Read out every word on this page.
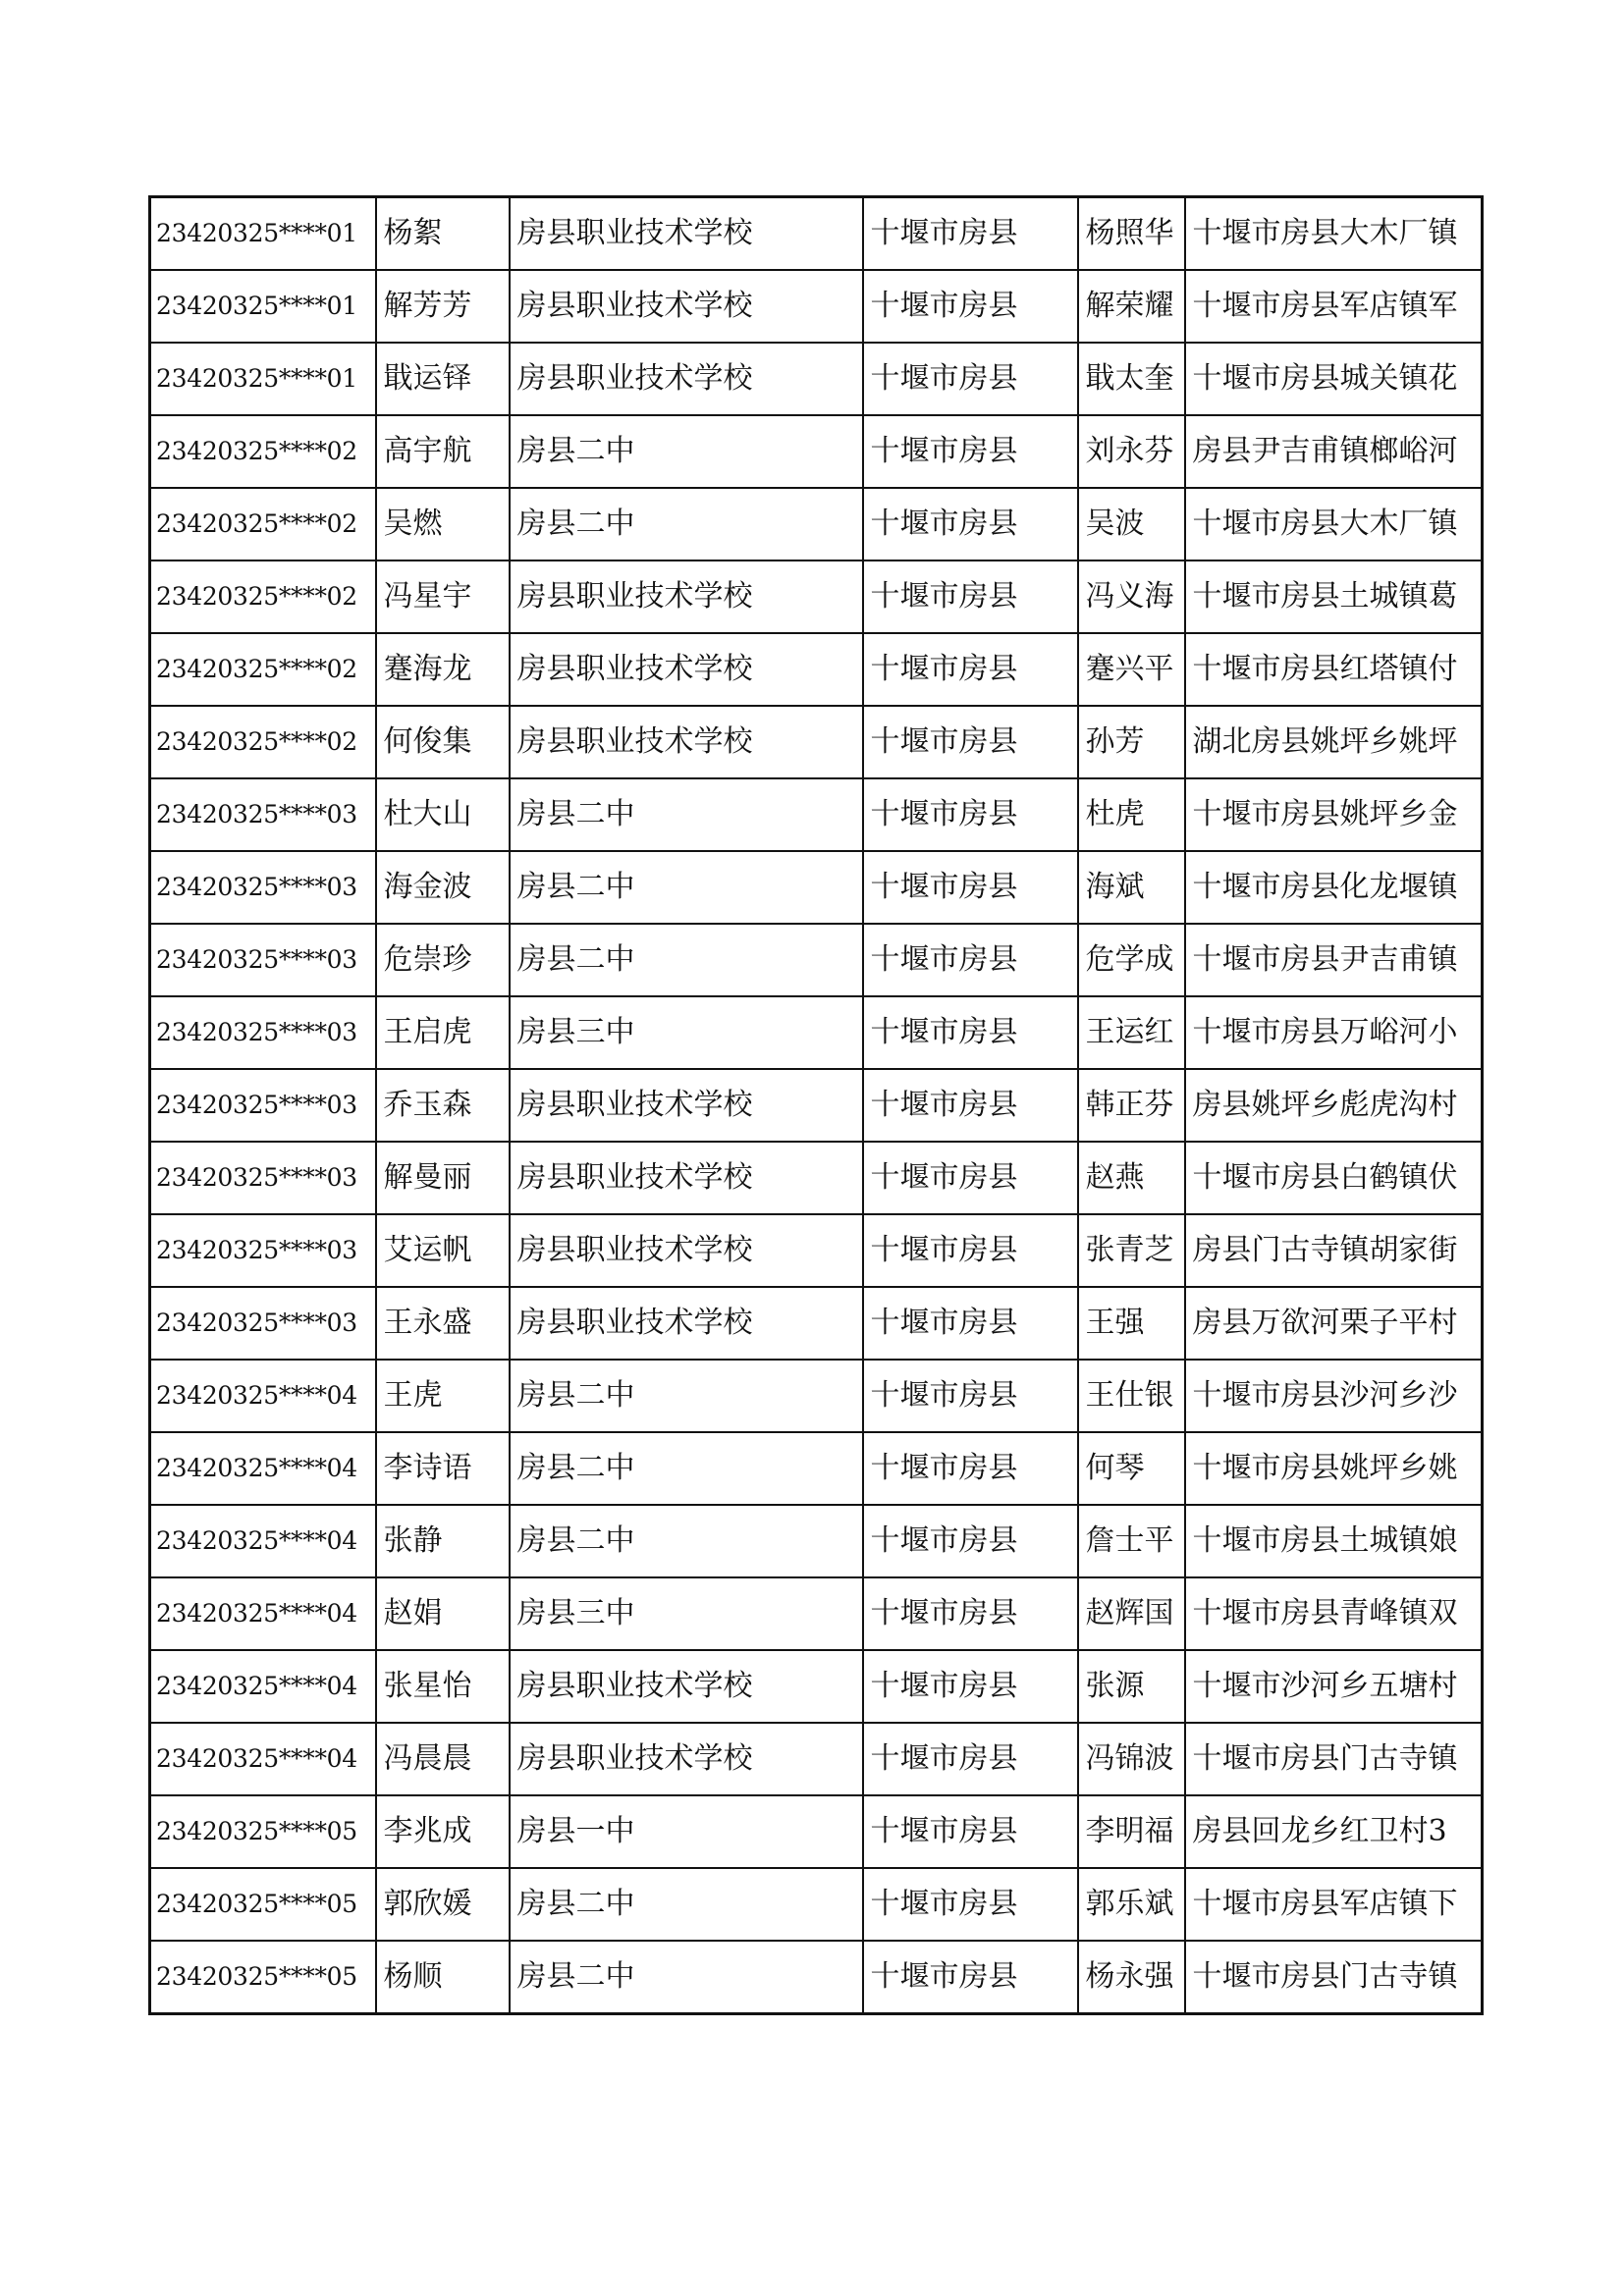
23420325****01	杨絮	房县职业技术学校	十堰市房县	杨照华	十堰市房县大木厂镇
23420325****01	解芳芳	房县职业技术学校	十堰市房县	解荣耀	十堰市房县军店镇军
23420325****01	戢运铎	房县职业技术学校	十堰市房县	戢太奎	十堰市房县城关镇花
23420325****02	高宇航	房县二中	十堰市房县	刘永芬	房县尹吉甫镇榔峪河
23420325****02	吴燃	房县二中	十堰市房县	吴波	十堰市房县大木厂镇
23420325****02	冯星宇	房县职业技术学校	十堰市房县	冯义海	十堰市房县土城镇葛
23420325****02	蹇海龙	房县职业技术学校	十堰市房县	蹇兴平	十堰市房县红塔镇付
23420325****02	何俊集	房县职业技术学校	十堰市房县	孙芳	湖北房县姚坪乡姚坪
23420325****03	杜大山	房县二中	十堰市房县	杜虎	十堰市房县姚坪乡金
23420325****03	海金波	房县二中	十堰市房县	海斌	十堰市房县化龙堰镇
23420325****03	危崇珍	房县二中	十堰市房县	危学成	十堰市房县尹吉甫镇
23420325****03	王启虎	房县三中	十堰市房县	王运红	十堰市房县万峪河小
23420325****03	乔玉森	房县职业技术学校	十堰市房县	韩正芬	房县姚坪乡彪虎沟村
23420325****03	解曼丽	房县职业技术学校	十堰市房县	赵燕	十堰市房县白鹤镇伏
23420325****03	艾运帆	房县职业技术学校	十堰市房县	张青芝	房县门古寺镇胡家街
23420325****03	王永盛	房县职业技术学校	十堰市房县	王强	房县万欲河栗子平村
23420325****04	王虎	房县二中	十堰市房县	王仕银	十堰市房县沙河乡沙
23420325****04	李诗语	房县二中	十堰市房县	何琴	十堰市房县姚坪乡姚
23420325****04	张静	房县二中	十堰市房县	詹士平	十堰市房县土城镇娘
23420325****04	赵娟	房县三中	十堰市房县	赵辉国	十堰市房县青峰镇双
23420325****04	张星怡	房县职业技术学校	十堰市房县	张源	十堰市沙河乡五塘村
23420325****04	冯晨晨	房县职业技术学校	十堰市房县	冯锦波	十堰市房县门古寺镇
23420325****05	李兆成	房县一中	十堰市房县	李明福	房县回龙乡红卫村3
23420325****05	郭欣媛	房县二中	十堰市房县	郭乐斌	十堰市房县军店镇下
23420325****05	杨顺	房县二中	十堰市房县	杨永强	十堰市房县门古寺镇
